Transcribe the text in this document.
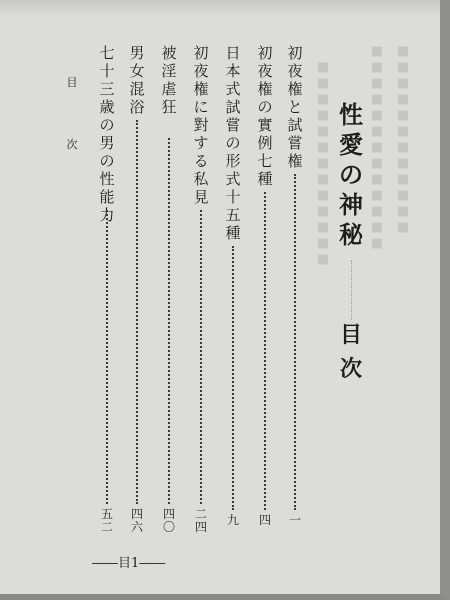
■
■
■
■
■
■
■
■
■
■
■
■
■
■
■
■
■
■
■
■
■
■
■
■
■
■
■
■
■
■
■
■
■
■
■
■
■
■
性愛の神秘
目次
初夜権と試嘗権
一
初夜権の實例七種
四
日本式試嘗の形式十五種
九
初夜権に對する私見
二四
被淫虐狂
四〇
男女混浴
四六
七十三歳の男の性能力
五二
目次
――目1――
